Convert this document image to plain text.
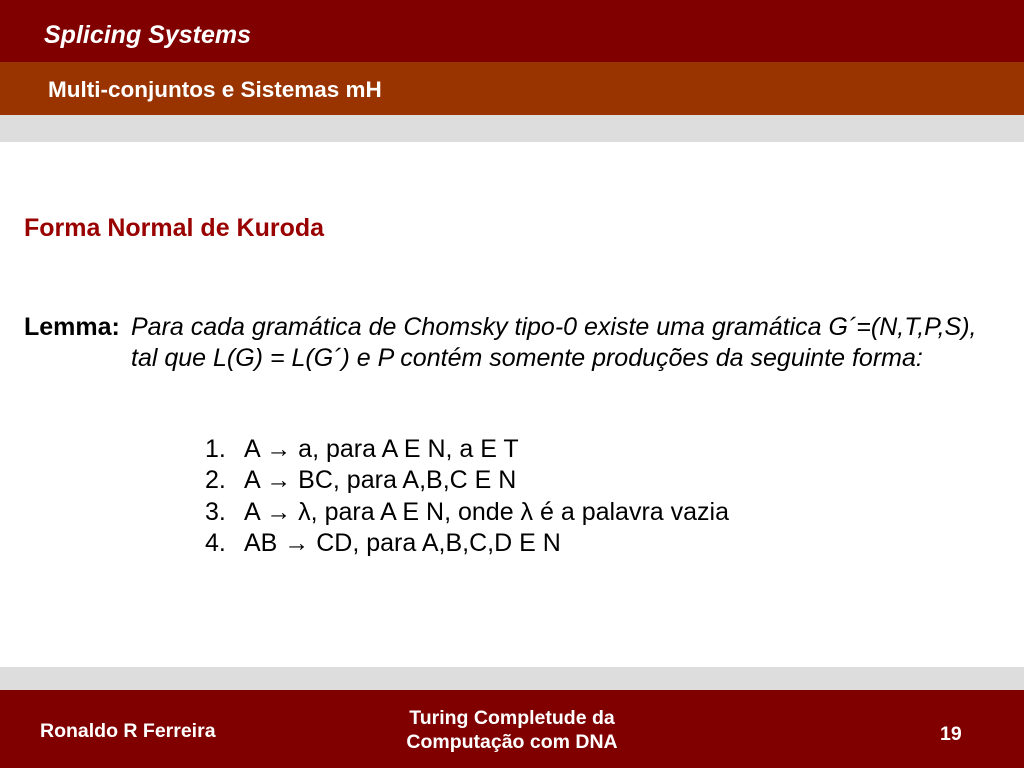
Splicing Systems
Multi-conjuntos e Sistemas mH
Forma Normal de Kuroda
Lemma: Para cada gramática de Chomsky tipo-0 existe uma gramática G´=(N,T,P,S),
tal que L(G) = L(G´) e P contém somente produções da seguinte forma:
1. A → a, para A E N, a E T
2. A → BC, para A,B,C E N
3. A → λ, para A E N, onde λ é a palavra vazia
4. AB → CD, para A,B,C,D E N
Ronaldo R Ferreira
Turing Completude da
Computação com DNA	19
